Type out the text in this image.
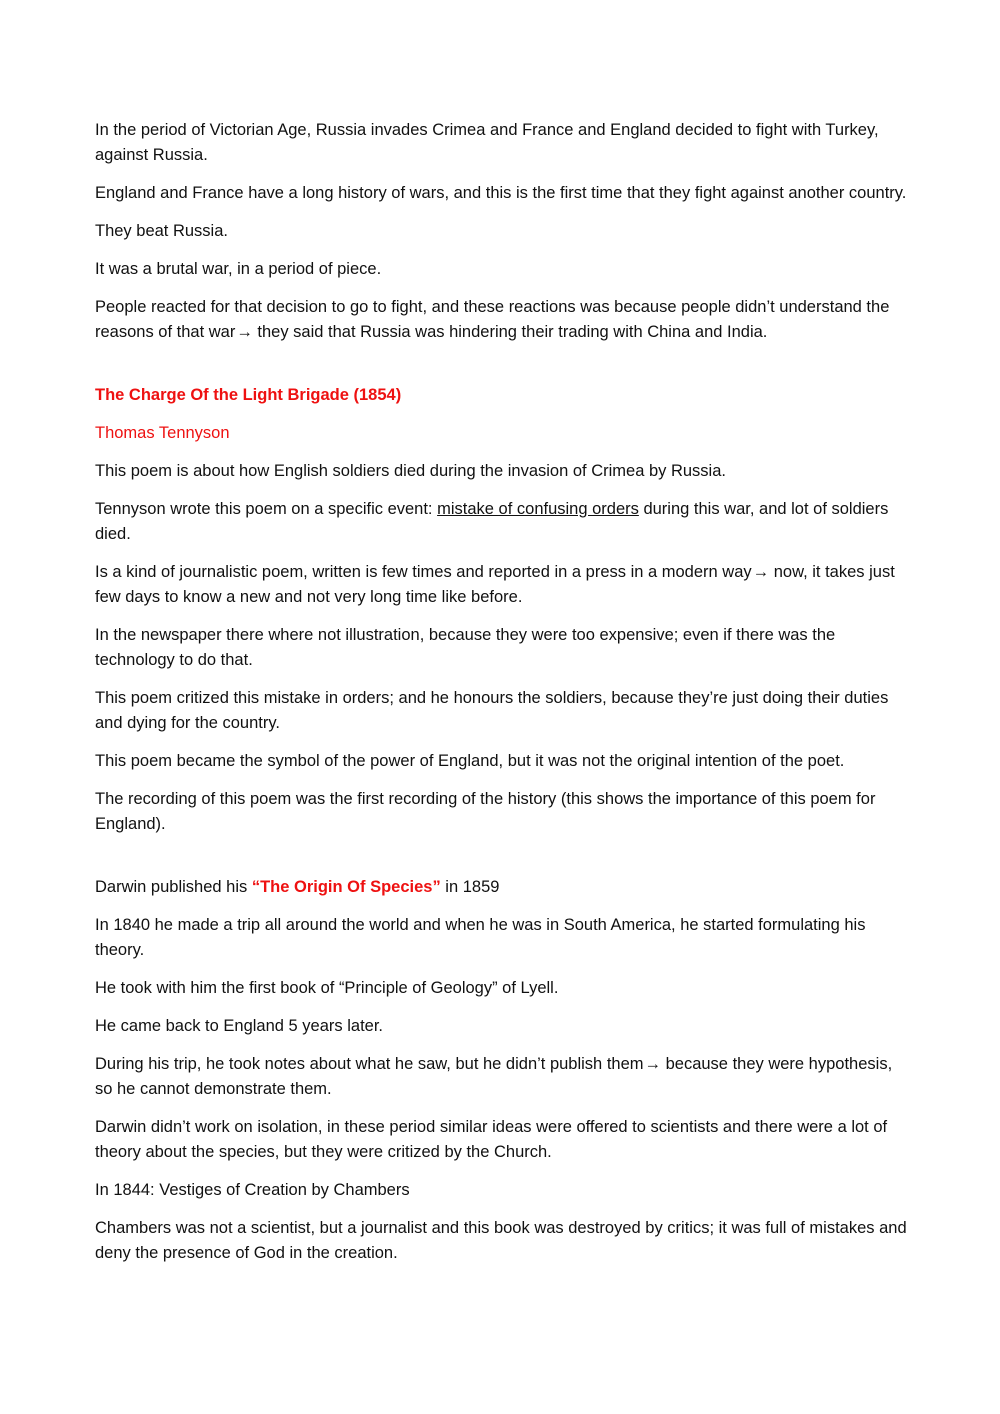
In the period of Victorian Age, Russia invades Crimea and France and England decided to fight with Turkey, against Russia.

England and France have a long history of wars, and this is the first time that they fight against another country.

They beat Russia.

It was a brutal war, in a period of piece.

People reacted for that decision to go to fight, and these reactions was because people didn’t understand the reasons of that war→ they said that Russia was hindering their trading with China and India.

The Charge Of the Light Brigade (1854)

Thomas Tennyson

This poem is about how English soldiers died during the invasion of Crimea by Russia.

Tennyson wrote this poem on a specific event: mistake of confusing orders during this war, and lot of soldiers died.

Is a kind of journalistic poem, written is few times and reported in a press in a modern way→ now, it takes just few days to know a new and not very long time like before.

In the newspaper there where not illustration, because they were too expensive; even if there was the technology to do that.

This poem critized this mistake in orders; and he honours the soldiers, because they’re just doing their duties and dying for the country.

This poem became the symbol of the power of England, but it was not the original intention of the poet.

The recording of this poem was the first recording of the history (this shows the importance of this poem for England).

Darwin published his “The Origin Of Species” in 1859

In 1840 he made a trip all around the world and when he was in South America, he started formulating his theory.

He took with him the first book of “Principle of Geology” of Lyell.

He came back to England 5 years later.

During his trip, he took notes about what he saw, but he didn’t publish them→ because they were hypothesis, so he cannot demonstrate them.

Darwin didn’t work on isolation, in these period similar ideas were offered to scientists and there were a lot of theory about the species, but they were critized by the Church.

In 1844: Vestiges of Creation by Chambers

Chambers was not a scientist, but a journalist and this book was destroyed by critics; it was full of mistakes and deny the presence of God in the creation.
